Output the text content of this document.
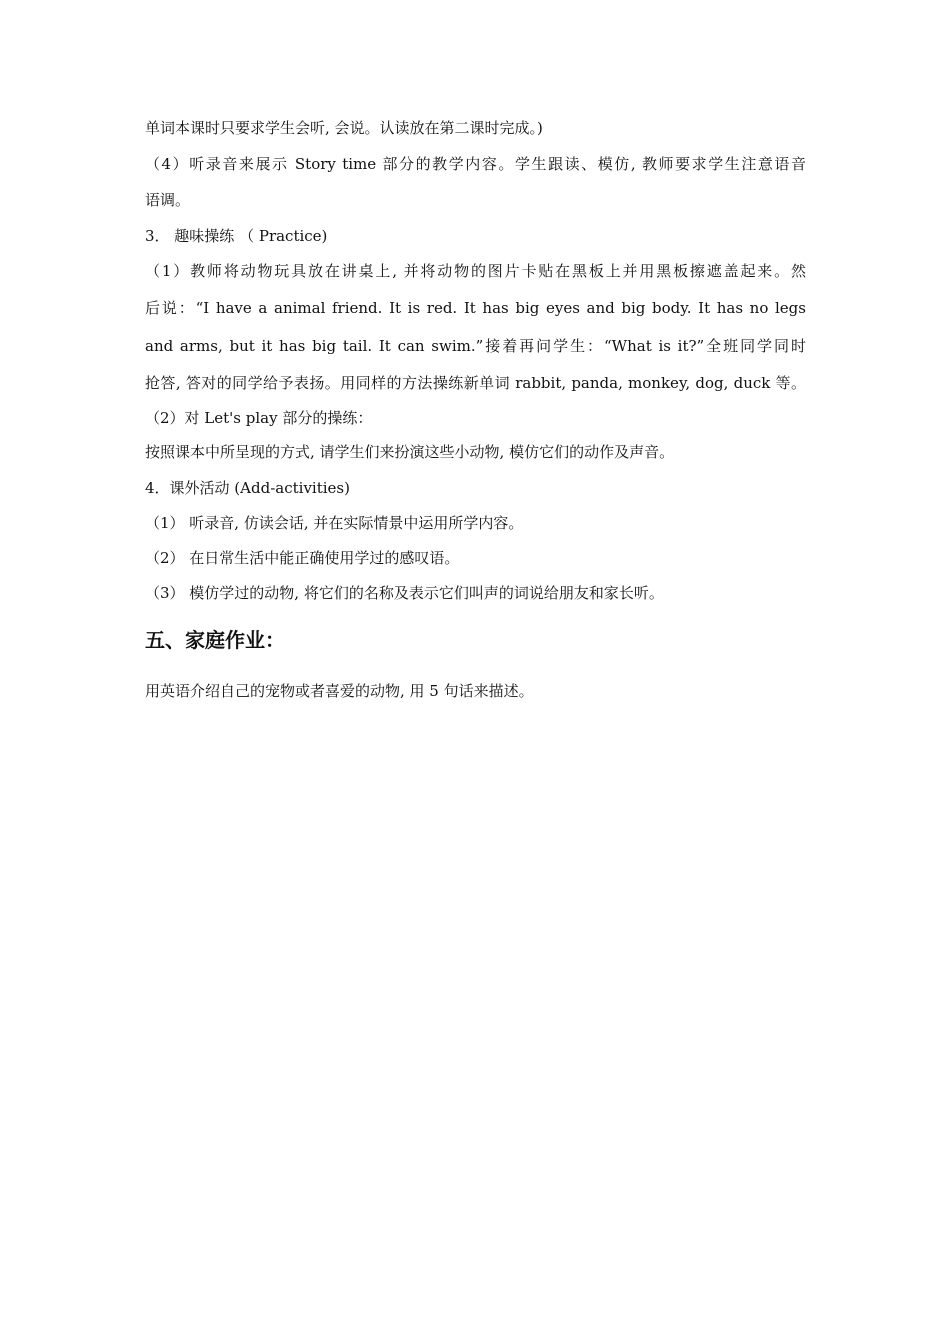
单词本课时只要求学生会听, 会说。认读放在第二课时完成。)
（4）听录音来展示 Story time 部分的教学内容。学生跟读、模仿, 教师要求学生注意语音
语调。
3． 趣味操练 （ Practice)
（1）教师将动物玩具放在讲桌上, 并将动物的图片卡贴在黑板上并用黑板擦遮盖起来。然
后说：“I have a animal friend. It is red. It has big eyes and big body. It has no legs
and arms, but it has big tail. It can swim.”接着再问学生：“What is it?”全班同学同时
抢答, 答对的同学给予表扬。用同样的方法操练新单词 rabbit, panda, monkey, dog, duck 等。
（2）对 Let's play 部分的操练：
按照课本中所呈现的方式, 请学生们来扮演这些小动物, 模仿它们的动作及声音。
4．课外活动 (Add-activities)
（1） 听录音, 仿读会话, 并在实际情景中运用所学内容。
（2） 在日常生活中能正确使用学过的感叹语。
（3） 模仿学过的动物, 将它们的名称及表示它们叫声的词说给朋友和家长听。
五、家庭作业：
用英语介绍自己的宠物或者喜爱的动物, 用 5 句话来描述。
